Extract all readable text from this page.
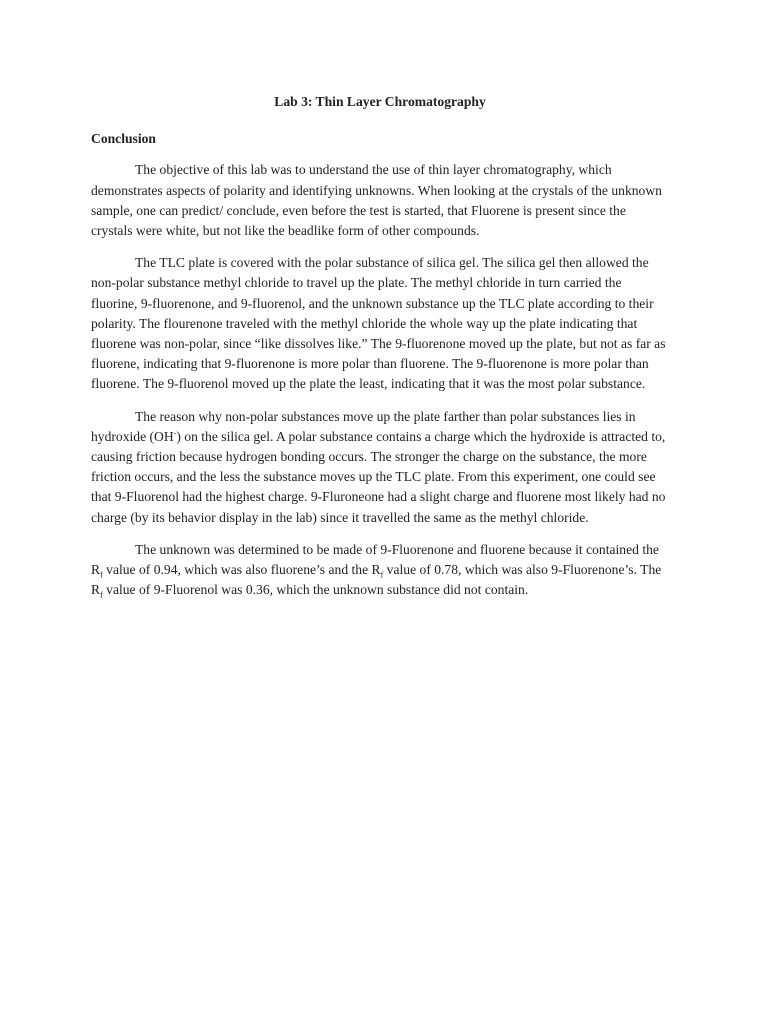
Lab 3: Thin Layer Chromatography
Conclusion

The objective of this lab was to understand the use of thin layer chromatography, which demonstrates aspects of polarity and identifying unknowns. When looking at the crystals of the unknown sample, one can predict/ conclude, even before the test is started, that Fluorene is present since the crystals were white, but not like the beadlike form of other compounds.

The TLC plate is covered with the polar substance of silica gel. The silica gel then allowed the non-polar substance methyl chloride to travel up the plate. The methyl chloride in turn carried the fluorine, 9-fluorenone, and 9-fluorenol, and the unknown substance up the TLC plate according to their polarity. The flourenone traveled with the methyl chloride the whole way up the plate indicating that fluorene was non-polar, since “like dissolves like.” The 9-fluorenone moved up the plate, but not as far as fluorene, indicating that 9-fluorenone is more polar than fluorene. The 9-fluorenone is more polar than fluorene. The 9-fluorenol moved up the plate the least, indicating that it was the most polar substance.

The reason why non-polar substances move up the plate farther than polar substances lies in hydroxide (OH-) on the silica gel. A polar substance contains a charge which the hydroxide is attracted to, causing friction because hydrogen bonding occurs. The stronger the charge on the substance, the more friction occurs, and the less the substance moves up the TLC plate. From this experiment, one could see that 9-Fluorenol had the highest charge. 9-Fluroneone had a slight charge and fluorene most likely had no charge (by its behavior display in the lab) since it travelled the same as the methyl chloride.

The unknown was determined to be made of 9-Fluorenone and fluorene because it contained the $R_f$ value of 0.94, which was also fluorene’s and the $R_f$ value of 0.78, which was also 9-Fluorenone’s. The $R_f$ value of 9-Fluorenol was 0.36, which the unknown substance did not contain.
